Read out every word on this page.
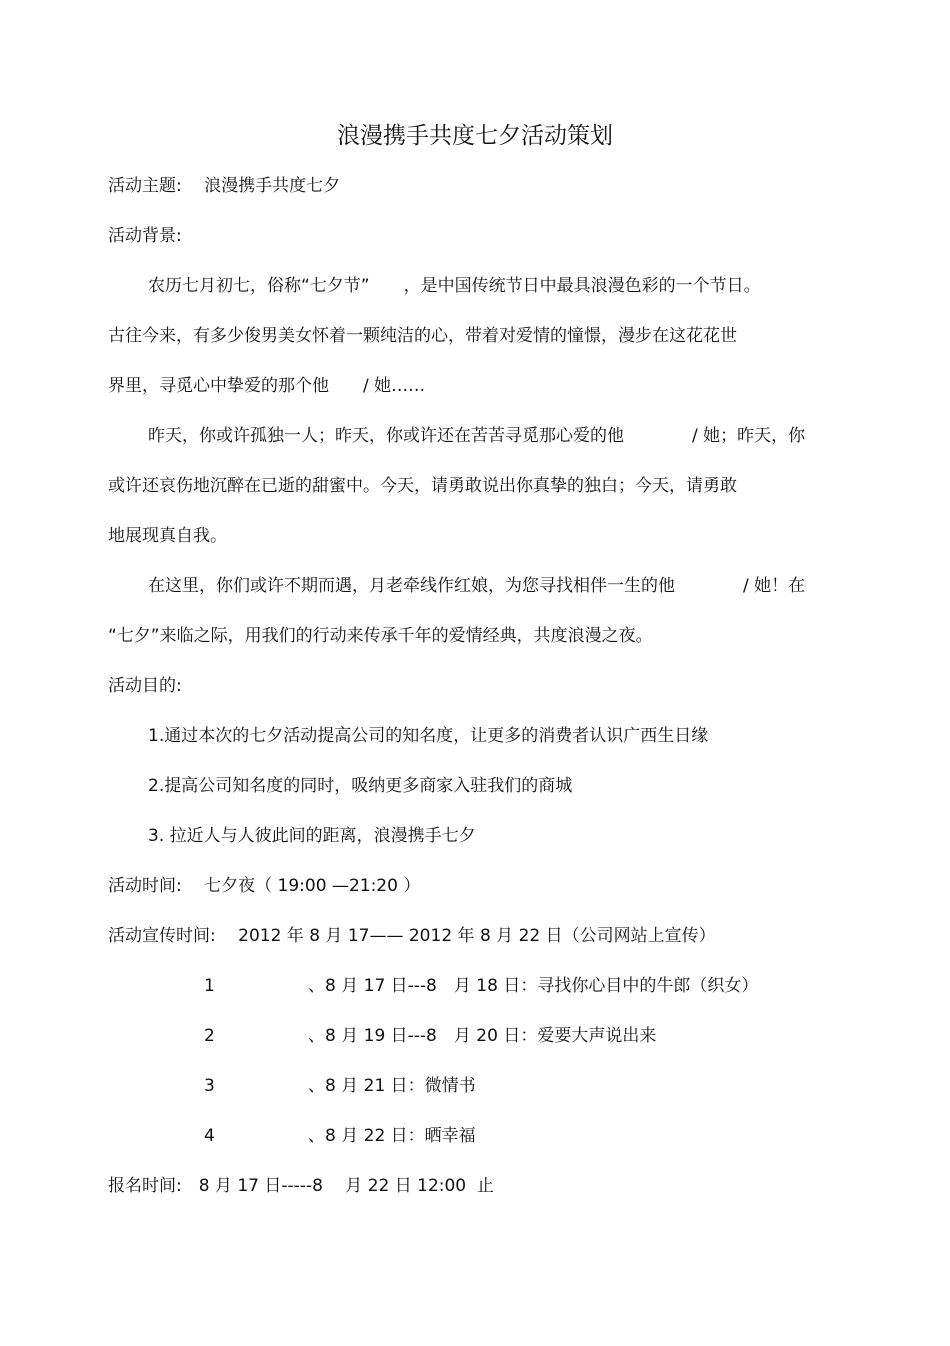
浪漫携手共度七夕活动策划
活动主题:　 浪漫携手共度七夕
活动背景:
农历七月初七，俗称“七夕节”　　，是中国传统节日中最具浪漫色彩的一个节日。
古往今来，有多少俊男美女怀着一颗纯洁的心，带着对爱情的憧憬，漫步在这花花世
界里，寻觅心中挚爱的那个他　　/ 她……
昨天，你或许孤独一人；昨天，你或许还在苦苦寻觅那心爱的他　　　　/ 她；昨天，你
或许还哀伤地沉醉在已逝的甜蜜中。今天，请勇敢说出你真挚的独白；今天，请勇敢
地展现真自我。
在这里，你们或许不期而遇，月老牵线作红娘，为您寻找相伴一生的他　　　　/ 她！在
“七夕”来临之际，用我们的行动来传承千年的爱情经典，共度浪漫之夜。
活动目的:
1.通过本次的七夕活动提高公司的知名度，让更多的消费者认识广西生日缘
2.提高公司知名度的同时，吸纳更多商家入驻我们的商城
3. 拉近人与人彼此间的距离，浪漫携手七夕
活动时间:　 七夕夜（ 19:00 —21:20 ）
活动宣传时间:　 2012 年 8 月 17—— 2012 年 8 月 22 日（公司网站上宣传）
1	、8 月 17 日---8　月 18 日：寻找你心目中的牛郎（织女）
2	、8 月 19 日---8　月 20 日：爱要大声说出来
3	、8 月 21 日：微情书
4	、8 月 22 日：晒幸福
报名时间:　 8 月 17 日-----8　 月 22 日 12:00  止
